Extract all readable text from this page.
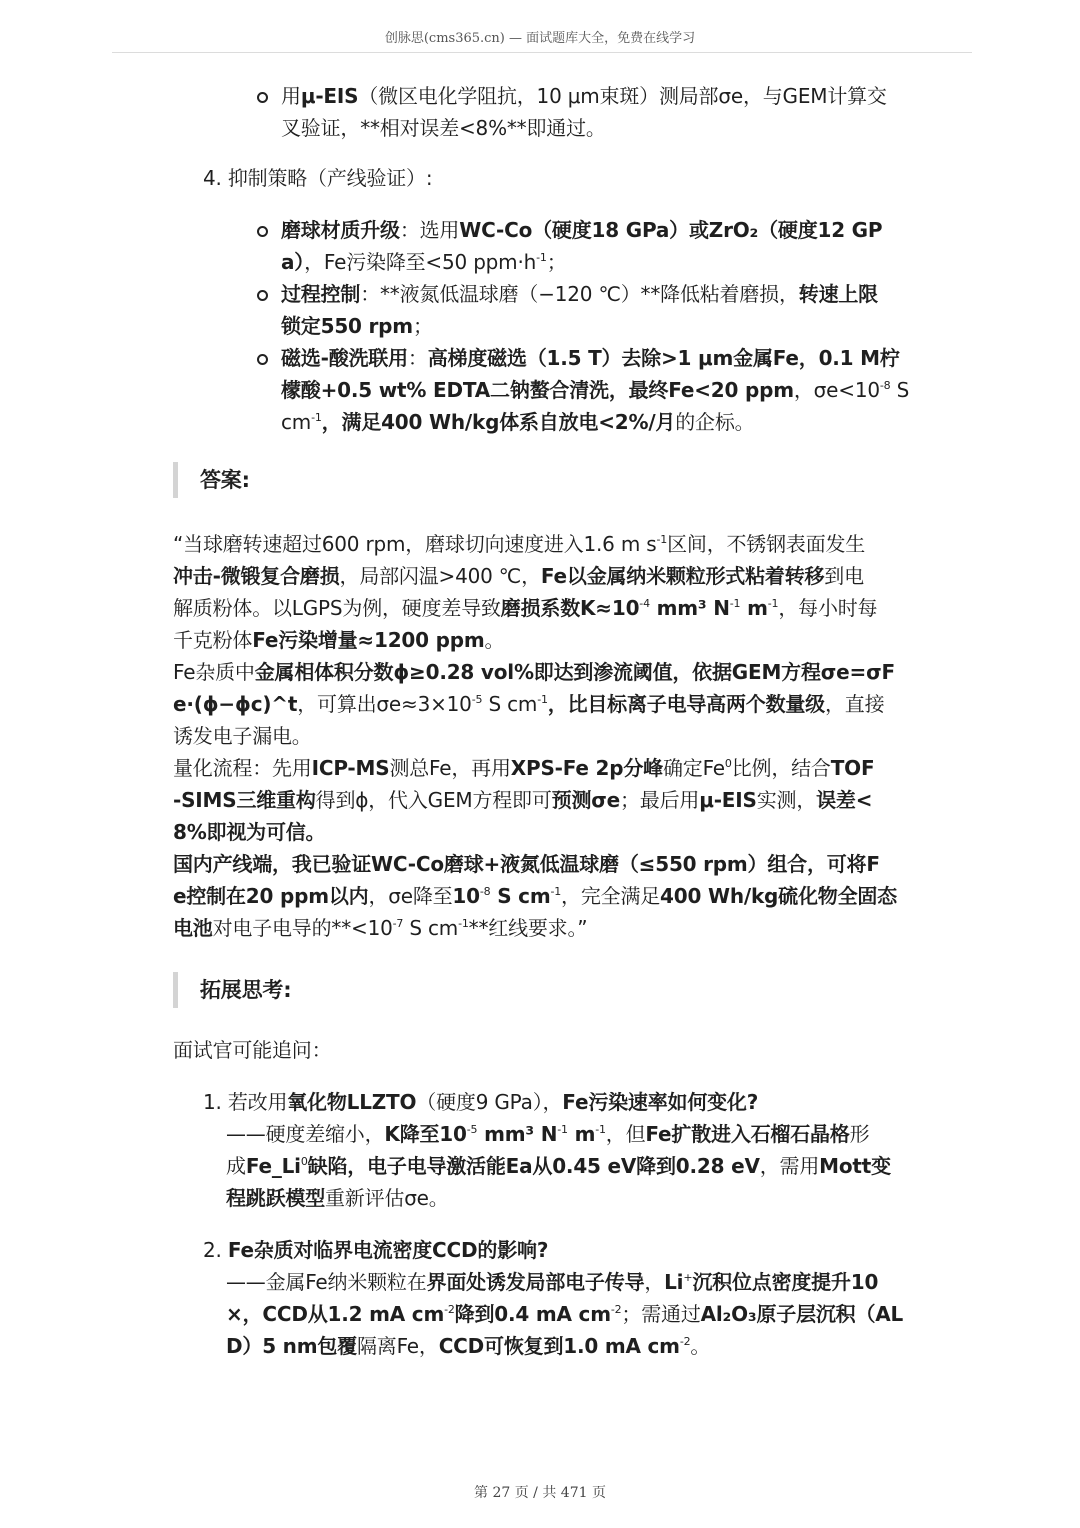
创脉思(cms365.cn) — 面试题库大全，免费在线学习

用μ-EIS（微区电化学阻抗，10 μm束斑）测局部σe，与GEM计算交
叉验证，**相对误差<8%**即通过。

4. 抑制策略（产线验证）:

磨球材质升级：选用WC-Co（硬度18 GPa）或ZrO₂（硬度12 GP
a），Fe污染降至<50 $ppm\cdot h^{-1}$；

过程控制：**液氮低温球磨（−120 ℃）**降低粘着磨损，转速上限
锁定550 rpm；

磁选-酸洗联用：高梯度磁选（1.5 T）去除>1 μm金属Fe，0.1 M柠
檬酸+0.5 wt% EDTA二钠螯合清洗，最终Fe<20 ppm，$\sigma e<10^{-8}$ S
$cm^{-1}$，满足400 Wh/kg体系自放电<2%/月的企标。

答案:

“当球磨转速超过600 rpm，磨球切向速度进入1.6 m $s^{-1}$区间，不锈钢表面发生
冲击-微锻复合磨损，局部闪温>400 ℃，Fe以金属纳米颗粒形式粘着转移到电
解质粉体。以LGPS为例，硬度差导致磨损系数$K\approx 10^{-4}$ mm³ $N^{-1}$ $m^{-1}$，每小时每
千克粉体Fe污染增量≈1200 ppm。

Fe杂质中金属相体积分数ϕ≥0.28 vol%即达到渗流阈值，依据GEM方程σe=σF
e·(ϕ−ϕc)^t，可算出$\sigma e\approx 3\times 10^{-5}$ S $cm^{-1}$，比目标离子电导高两个数量级，直接
诱发电子漏电。

量化流程：先用ICP-MS测总Fe，再用XPS-Fe 2p分峰确定Fe$^0$比例，结合TOF
-SIMS三维重构得到ϕ，代入GEM方程即可预测σe；最后用μ-EIS实测，误差<
8%即视为可信。

国内产线端，我已验证WC-Co磨球+液氮低温球磨（≤550 rpm）组合，可将F
e控制在20 ppm以内，σe降至$10^{-8}$ S $cm^{-1}$，完全满足400 Wh/kg硫化物全固态
电池对电子电导的$**<10^{-7}$ S $cm^{-1}**$红线要求。”

拓展思考:

面试官可能追问：

1. 若改用氧化物LLZTO（硬度9 GPa），Fe污染速率如何变化?

——硬度差缩小，K降至$10^{-5}$ mm³ $N^{-1}$ $m^{-1}$，但Fe扩散进入石榴石晶格形
成Fe_Li$^0$缺陷，电子电导激活能Ea从0.45 eV降到0.28 eV，需用Mott变
程跳跃模型重新评估σe。

2. Fe杂质对临界电流密度CCD的影响?

——金属Fe纳米颗粒在界面处诱发局部电子传导，Li+沉积位点密度提升10
×，CCD从1.2 mA $cm^{-2}$降到0.4 mA $cm^{-2}$；需通过Al₂O₃原子层沉积（AL
D）5 nm包覆隔离Fe，CCD可恢复到1.0 mA $cm^{-2}$。

第 27 页 / 共 471 页
